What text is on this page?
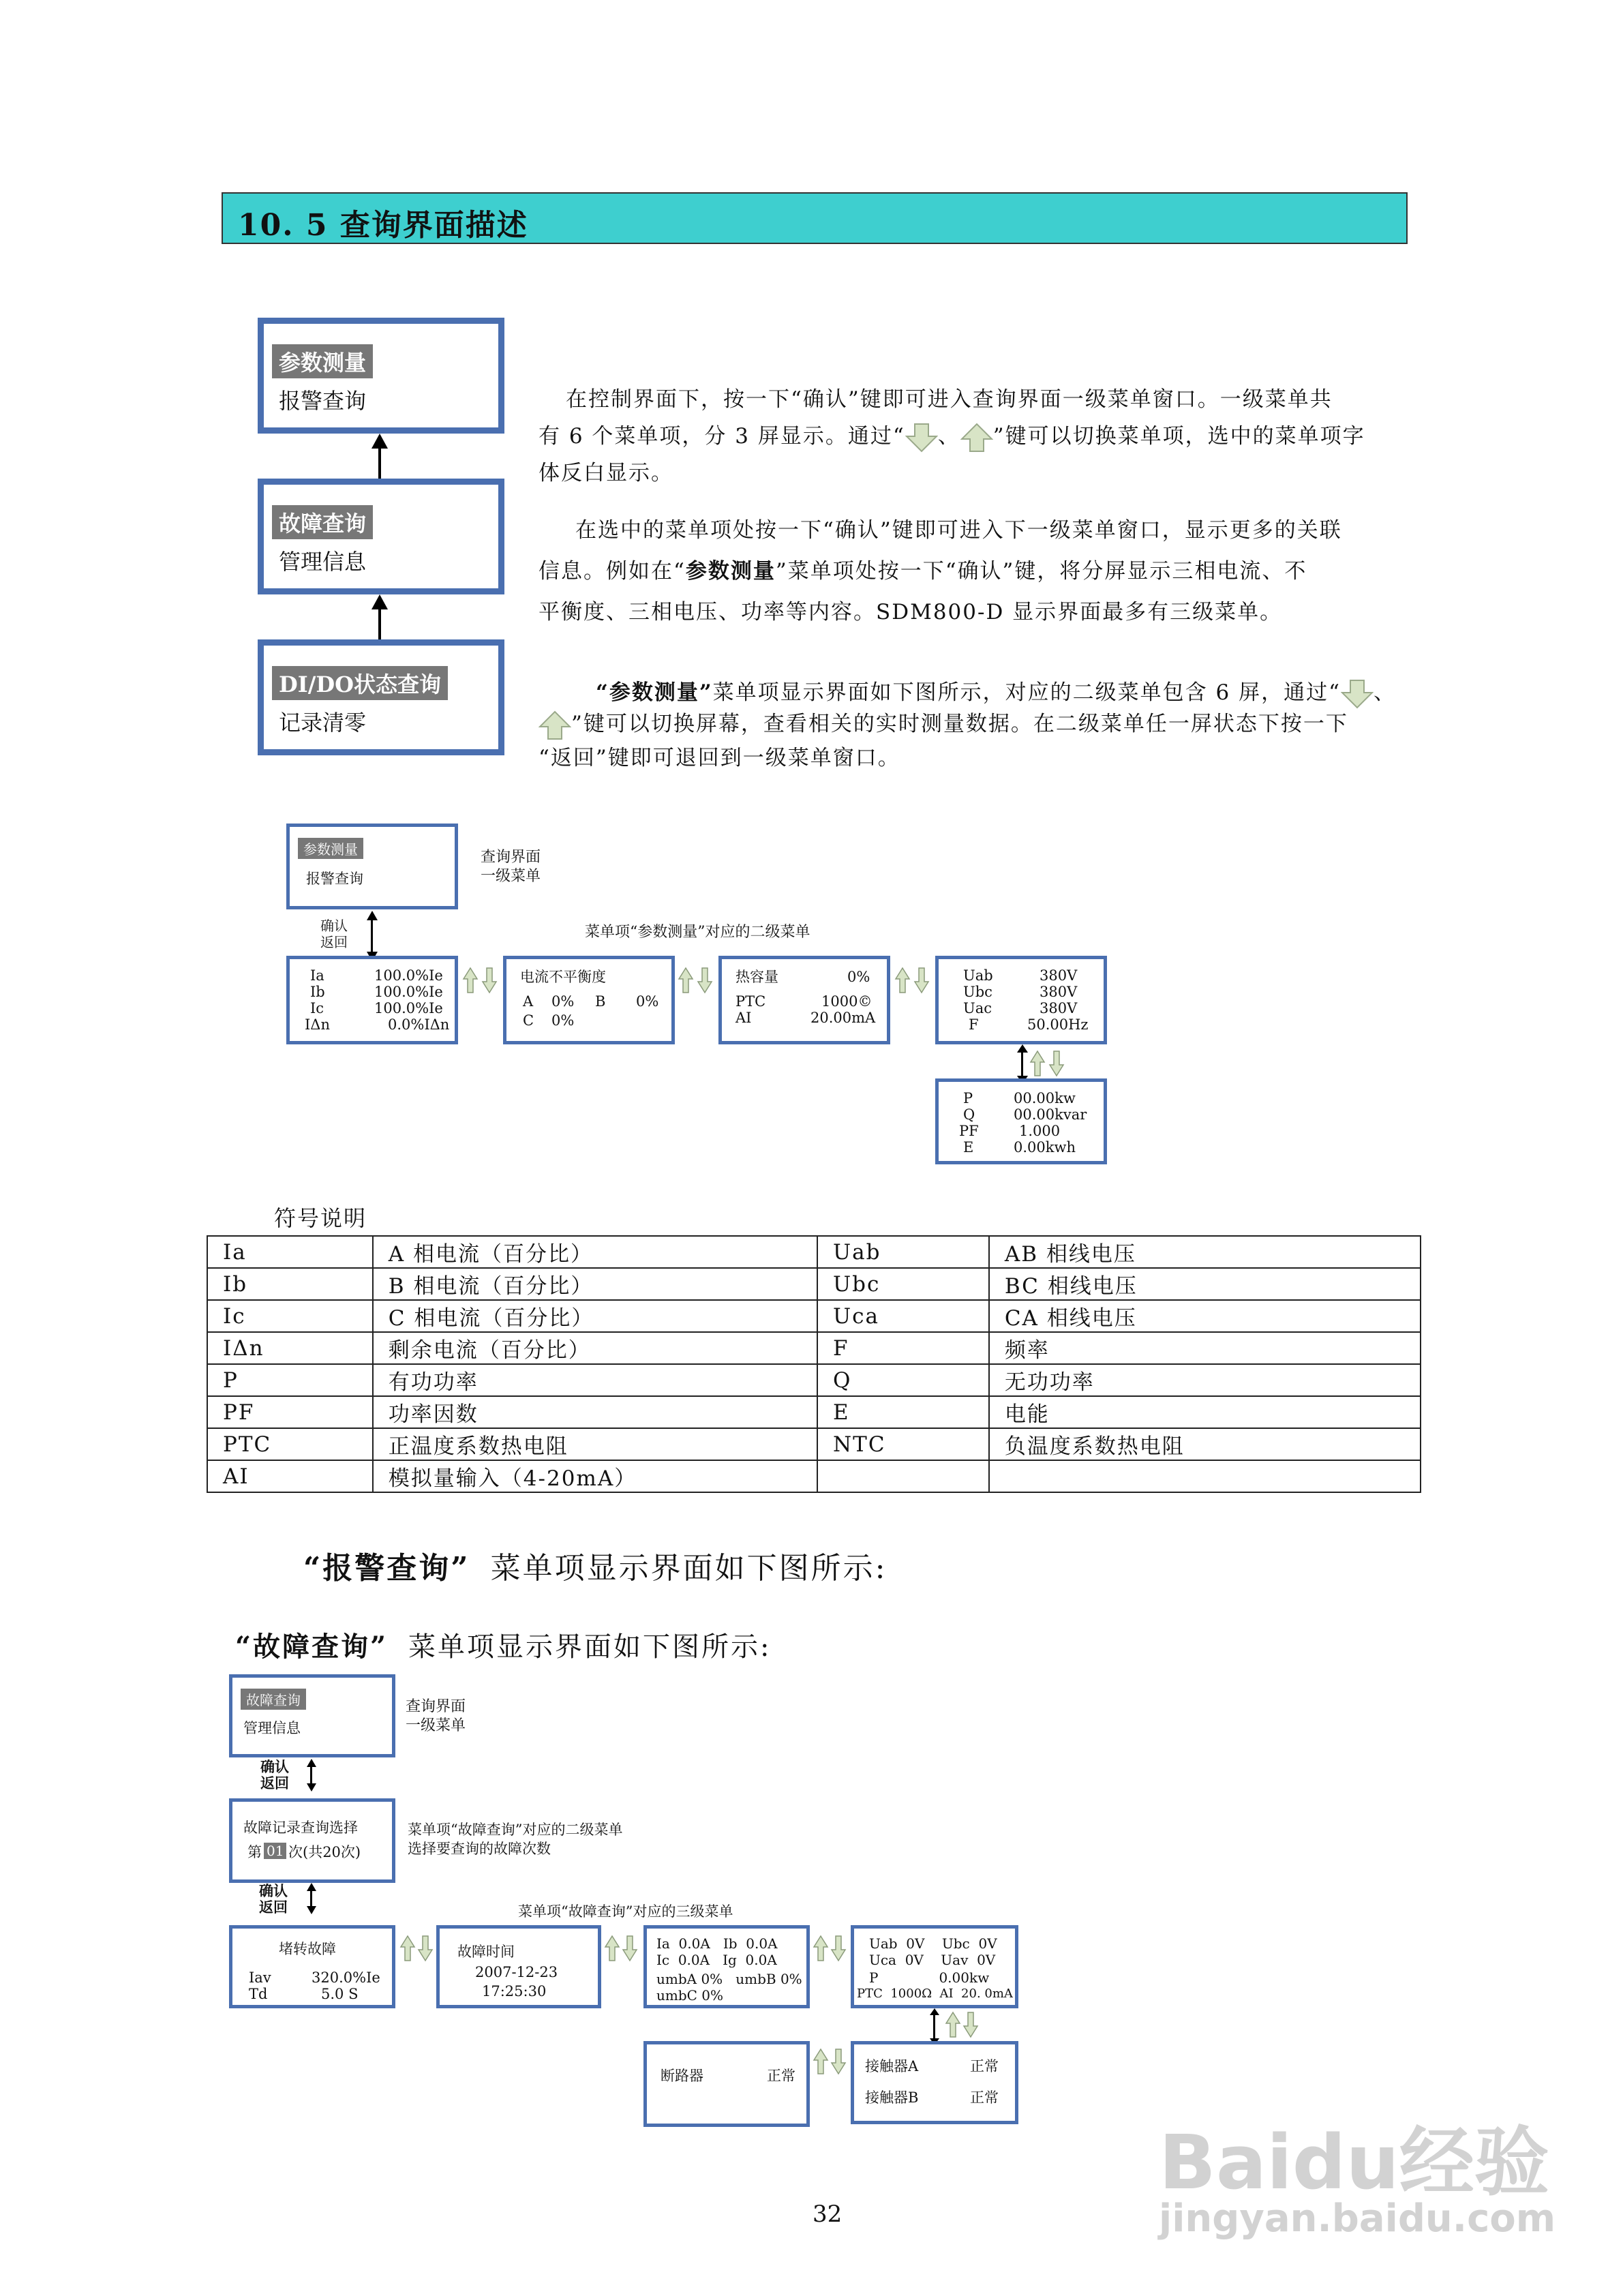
10. 5 查询界面描述
参数测量
报警查询
故障查询
管理信息
DI/DO状态查询
记录清零
在控制界面下，按一下“确认”键即可进入查询界面一级菜单窗口。一级菜单共
有 6 个菜单项，分 3 屏显示。通过“ 、 ”键可以切换菜单项，选中的菜单项字
体反白显示。
在选中的菜单项处按一下“确认”键即可进入下一级菜单窗口，显示更多的关联
信息。例如在“参数测量”菜单项处按一下“确认”键，将分屏显示三相电流、不
平衡度、三相电压、功率等内容。SDM800-D 显示界面最多有三级菜单。
“参数测量”菜单项显示界面如下图所示，对应的二级菜单包含 6 屏，通过“ 、
”键可以切换屏幕，查看相关的实时测量数据。在二级菜单任一屏状态下按一下
“返回”键即可退回到一级菜单窗口。
参数测量
报警查询
查询界面
一级菜单
确认
返回
菜单项“参数测量”对应的二级菜单
Ia	100.0%Ie
Ib	100.0%Ie
Ic	100.0%Ie
IΔn	0.0%IΔn
电流不平衡度
A 0% B 0%
C 0%
热容量	0%
PTC	1000©
AI	20.00mA
Uab	380V
Ubc	380V
Uac	380V
F	50.00Hz
P	00.00kw
Q	00.00kvar
PF	1.000
E	0.00kwh
符号说明
Ia	A 相电流（百分比）	Uab	AB 相线电压
Ib	B 相电流（百分比）	Ubc	BC 相线电压
Ic	C 相电流（百分比）	Uca	CA 相线电压
IΔn	剩余电流（百分比）	F	频率
P	有功功率	Q	无功功率
PF	功率因数	E	电能
PTC	正温度系数热电阻	NTC	负温度系数热电阻
AI	模拟量输入（4-20mA）		
“报警查询” 菜单项显示界面如下图所示:
“故障查询” 菜单项显示界面如下图所示:
故障查询
管理信息
查询界面
一级菜单
确认
返回
故障记录查询选择
第 01 次(共20次)
菜单项“故障查询”对应的二级菜单
选择要查询的故障次数
确认
返回	菜单项“故障查询”对应的三级菜单
堵转故障
Iav	320.0%Ie
Td	5.0 S
故障时间
2007-12-23
17:25:30
Ia  0.0A   Ib  0.0A
Ic  0.0A   Ig  0.0A
umbA 0%   umbB 0%
umbC 0%
Uab  0V    Ubc  0V
Uca  0V    Uav  0V
P              0.00kw
PTC  1000Ω  AI  20. 0mA
断路器	正常
接触器A	正常
接触器B	正常
32
Baidu经验
jingyan.baidu.com
